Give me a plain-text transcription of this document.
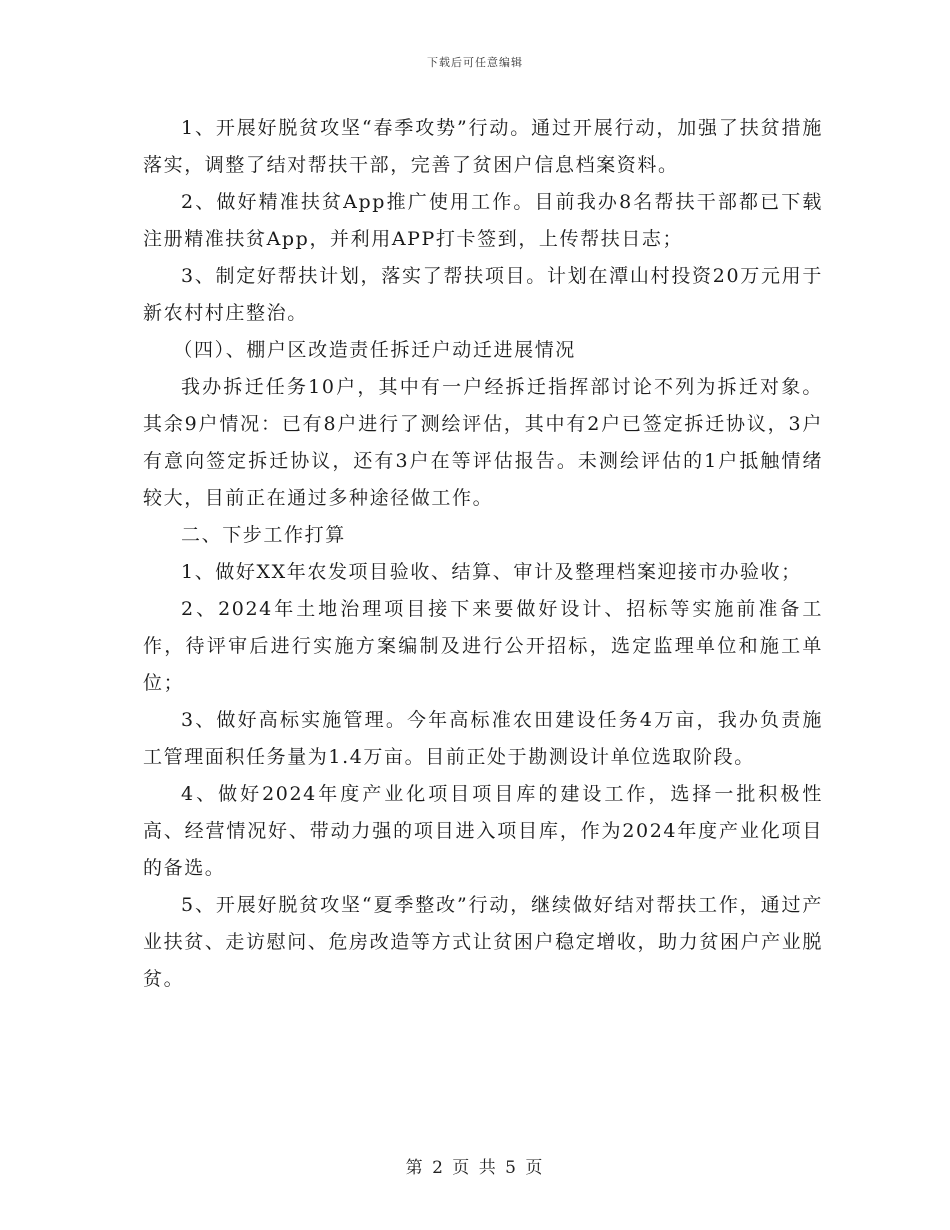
下载后可任意编辑

1、开展好脱贫攻坚“春季攻势”行动。通过开展行动，加强了扶贫措施落实，调整了结对帮扶干部，完善了贫困户信息档案资料。

2、做好精准扶贫App推广使用工作。目前我办8名帮扶干部都已下载注册精准扶贫App，并利用APP打卡签到，上传帮扶日志；

3、制定好帮扶计划，落实了帮扶项目。计划在潭山村投资20万元用于新农村村庄整治。

（四）、棚户区改造责任拆迁户动迁进展情况

我办拆迁任务10户，其中有一户经拆迁指挥部讨论不列为拆迁对象。其余9户情况：已有8户进行了测绘评估，其中有2户已签定拆迁协议，3户有意向签定拆迁协议，还有3户在等评估报告。未测绘评估的1户抵触情绪较大，目前正在通过多种途径做工作。

二、下步工作打算

1、做好XX年农发项目验收、结算、审计及整理档案迎接市办验收；

2、2024年土地治理项目接下来要做好设计、招标等实施前准备工作，待评审后进行实施方案编制及进行公开招标，选定监理单位和施工单位；

3、做好高标实施管理。今年高标准农田建设任务4万亩，我办负责施工管理面积任务量为1.4万亩。目前正处于勘测设计单位选取阶段。

4、做好2024年度产业化项目项目库的建设工作，选择一批积极性高、经营情况好、带动力强的项目进入项目库，作为2024年度产业化项目的备选。

5、开展好脱贫攻坚“夏季整改”行动，继续做好结对帮扶工作，通过产业扶贫、走访慰问、危房改造等方式让贫困户稳定增收，助力贫困户产业脱贫。

第 2 页 共 5 页
